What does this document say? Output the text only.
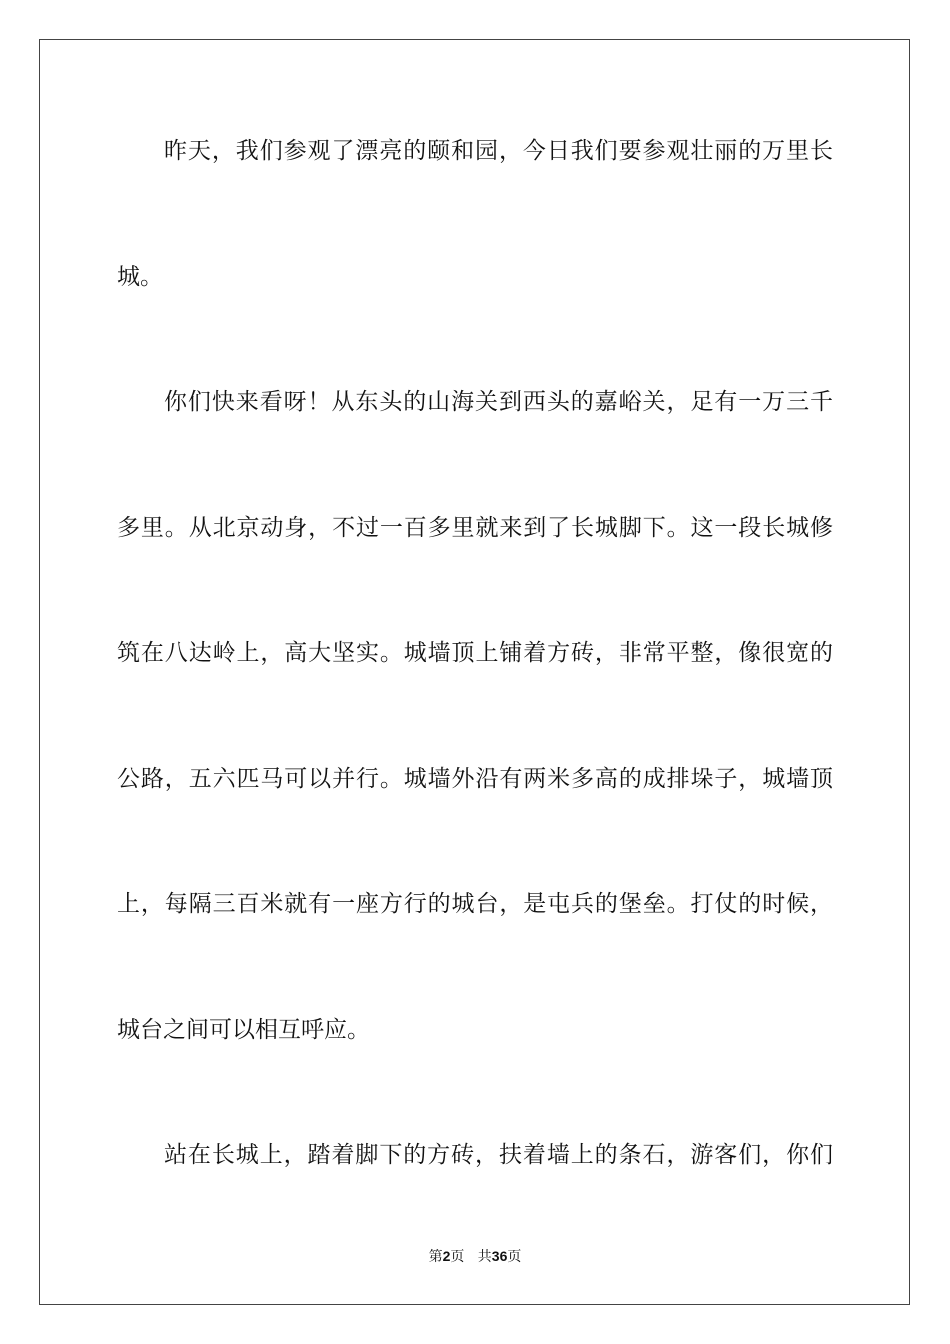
昨天，我们参观了漂亮的颐和园，今日我们要参观壮丽的万里长
城。
你们快来看呀！从东头的山海关到西头的嘉峪关，足有一万三千
多里。从北京动身，不过一百多里就来到了长城脚下。这一段长城修
筑在八达岭上，高大坚实。城墙顶上铺着方砖，非常平整，像很宽的
公路，五六匹马可以并行。城墙外沿有两米多高的成排垛子，城墙顶
上，每隔三百米就有一座方行的城台，是屯兵的堡垒。打仗的时候，
城台之间可以相互呼应。
站在长城上，踏着脚下的方砖，扶着墙上的条石，游客们，你们
第2页 共36页
